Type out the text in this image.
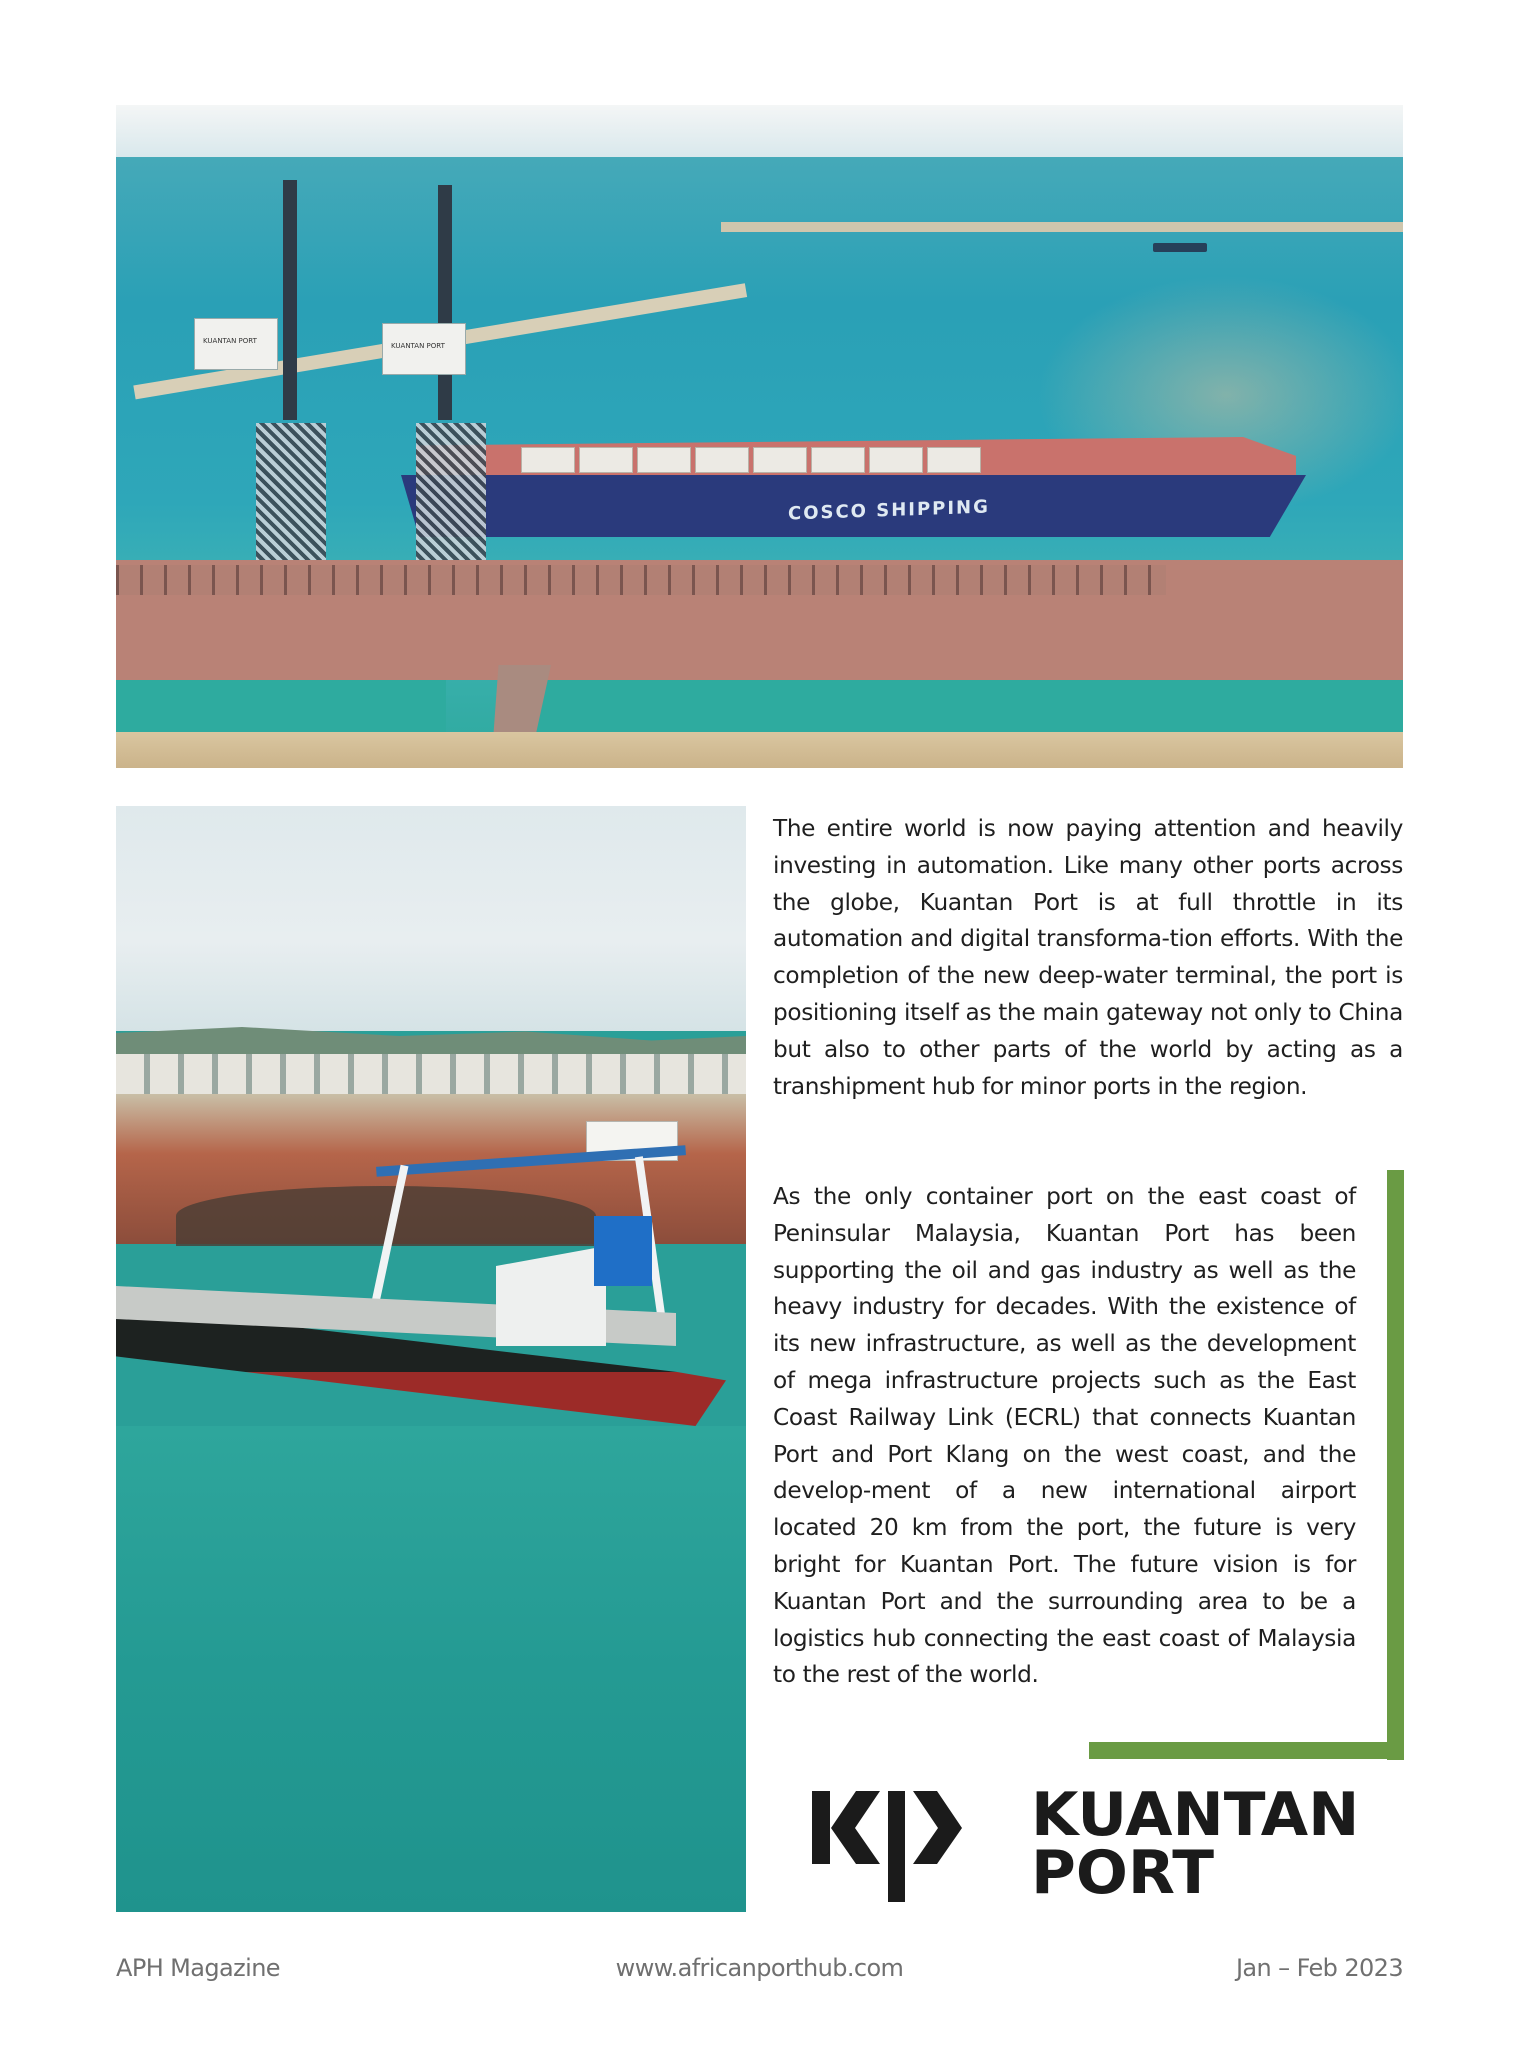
COSCO SHIPPING
KUANTAN PORT
KUANTAN PORT

The entire world is now paying attention and heavily investing in automation. Like many other ports across the globe, Kuantan Port is at full throttle in its automation and digital transforma-tion efforts. With the completion of the new deep-water terminal, the port is positioning itself as the main gateway not only to China but also to other parts of the world by acting as a transhipment hub for minor ports in the region.

As the only container port on the east coast of Peninsular Malaysia, Kuantan Port has been supporting the oil and gas industry as well as the heavy industry for decades. With the existence of its new infrastructure, as well as the development of mega infrastructure projects such as the East Coast Railway Link (ECRL) that connects Kuantan Port and Port Klang on the west coast, and the develop-ment of a new international airport located 20 km from the port, the future is very bright for Kuantan Port. The future vision is for Kuantan Port and the surrounding area to be a logistics hub connecting the east coast of Malaysia to the rest of the world.

KUANTAN
PORT
APH Magazine	www.africanporthub.com	Jan – Feb 2023
